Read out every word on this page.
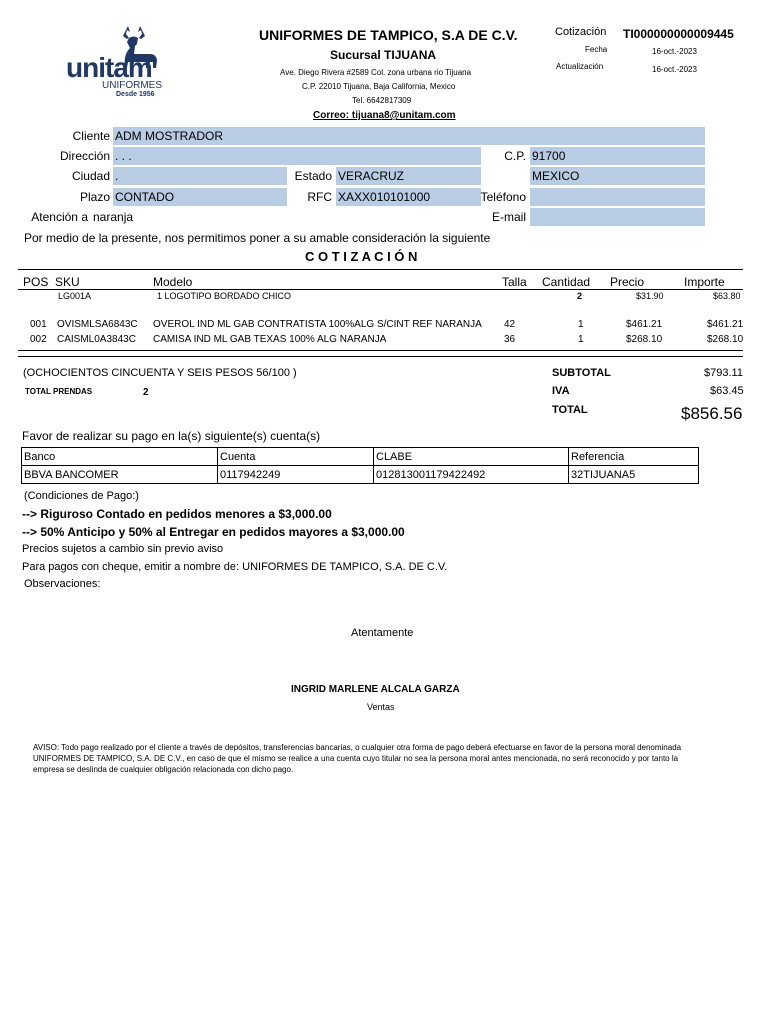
unitam
UNIFORMES
Desde 1956
UNIFORMES DE TAMPICO, S.A DE C.V.
Sucursal TIJUANA
Ave. Diego Rivera #2589 Col. zona urbana rio Tijuana
C.P. 22010 Tijuana, Baja California, Mexico
Tel. 6642817309
Correo: tijuana8@unitam.com
Cotización TI000000000009445
Fecha	16-oct.-2023
Actualización	16-oct.-2023
Cliente ADM MOSTRADOR
Dirección . . .	C.P. 91700
Ciudad .	Estado VERACRUZ	MEXICO
Plazo CONTADO	RFC XAXX010101000	Teléfono
Atención a naranja	E-mail
Por medio de la presente, nos permitimos poner a su amable consideración la siguiente
C O T I Z A C I Ó N
POS SKU	Modelo	Talla Cantidad Precio	Importe
LG001A	1 LOGOTIPO BORDADO CHICO	2	$31.90	$63.80
001 OVISMLSA6843C OVEROL IND ML GAB CONTRATISTA 100%ALG S/CINT REF NARANJA 42	1	$461.21	$461.21
002 CAISML0A3843C CAMISA IND ML GAB TEXAS 100% ALG NARANJA	36	1	$268.10	$268.10
(OCHOCIENTOS CINCUENTA Y SEIS PESOS 56/100 )
TOTAL PRENDAS	2
SUBTOTAL	$793.11
IVA	$63.45
TOTAL	$856.56
Favor de realizar su pago en la(s) siguiente(s) cuenta(s)
Banco	Cuenta	CLABE	Referencia
BBVA BANCOMER	0117942249	012813001179422492	32TIJUANA5
(Condiciones de Pago:)
--> Riguroso Contado en pedidos menores a $3,000.00
--> 50% Anticipo y 50% al Entregar en pedidos mayores a $3,000.00
Precios sujetos a cambio sin previo aviso
Para pagos con cheque, emitir a nombre de: UNIFORMES DE TAMPICO, S.A. DE C.V.
Observaciones:
Atentamente
INGRID MARLENE ALCALA GARZA
Ventas
AVISO: Todo pago realizado por el cliente a través de depósitos, transferencias bancarias, o cualquier otra forma de pago deberá efectuarse en favor de la persona moral denominada UNIFORMES DE TAMPICO, S.A. DE C.V., en caso de que el mismo se realice a una cuenta cuyo titular no sea la persona moral antes mencionada, no será reconocido y por tanto la empresa se deslinda de cualquier obligación relacionada con dicho pago.
